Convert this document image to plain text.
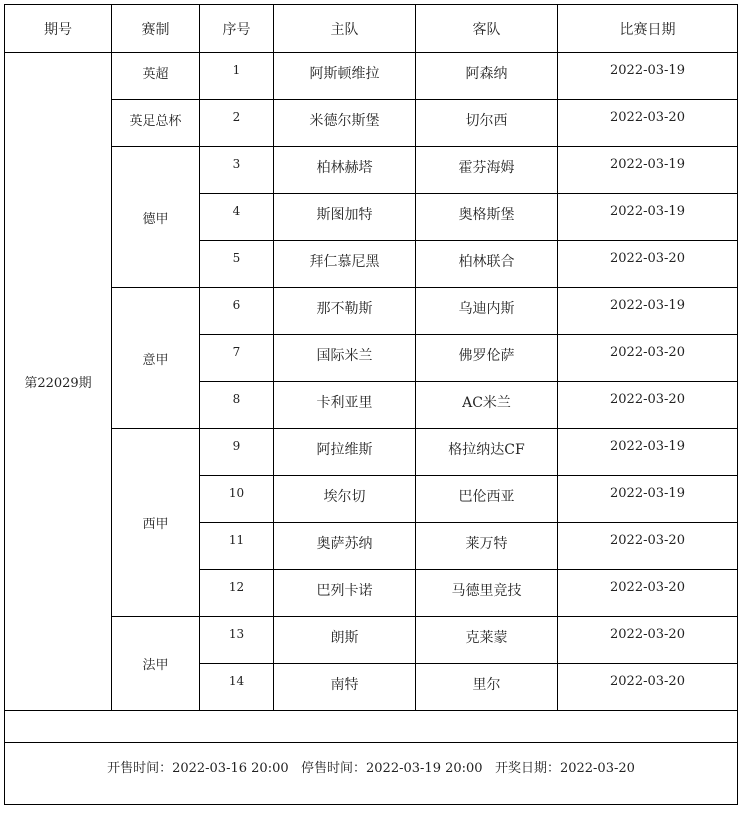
期号	赛制	序号	主队	客队	比赛日期
第22029期	英超	1	阿斯顿维拉	阿森纳	2022-03-19
	英足总杯	2	米德尔斯堡	切尔西	2022-03-20
	德甲	3	柏林赫塔	霍芬海姆	2022-03-19
		4	斯图加特	奥格斯堡	2022-03-19
		5	拜仁慕尼黑	柏林联合	2022-03-20
	意甲	6	那不勒斯	乌迪内斯	2022-03-19
		7	国际米兰	佛罗伦萨	2022-03-20
		8	卡利亚里	AC米兰	2022-03-20
	西甲	9	阿拉维斯	格拉纳达CF	2022-03-19
		10	埃尔切	巴伦西亚	2022-03-19
		11	奥萨苏纳	莱万特	2022-03-20
		12	巴列卡诺	马德里竞技	2022-03-20
	法甲	13	朗斯	克莱蒙	2022-03-20
		14	南特	里尔	2022-03-20

开售时间：2022-03-16 20:00   停售时间：2022-03-19 20:00   开奖日期：2022-03-20					
